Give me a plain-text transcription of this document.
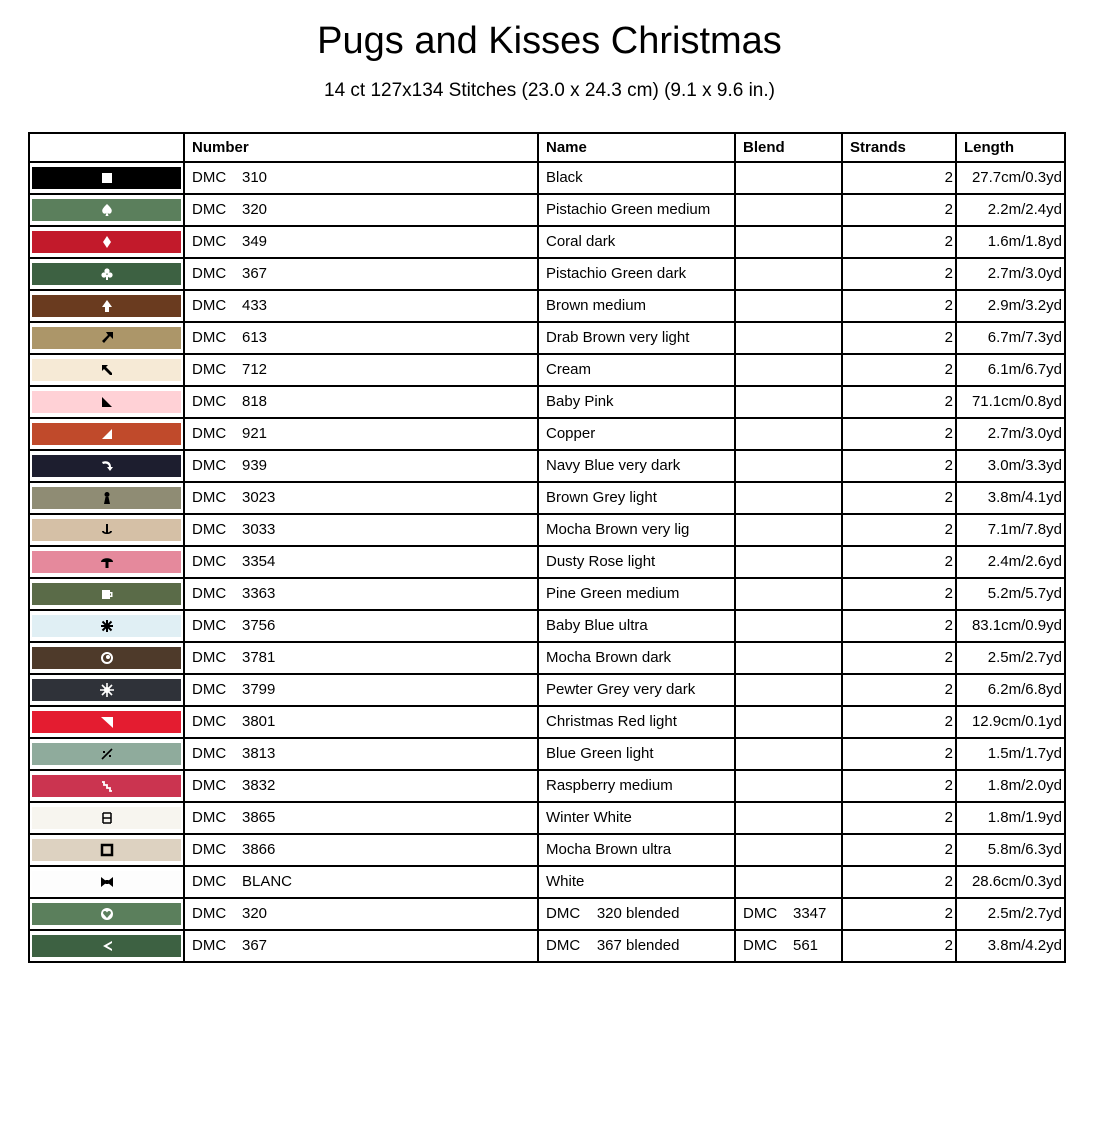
Pugs and Kisses Christmas
14 ct 127x134 Stitches (23.0 x 24.3 cm) (9.1 x 9.6 in.)
	Number	Name	Blend	Strands	Length

	DMC 310	Black		2	27.7cm/0.3yd

	DMC 320	Pistachio Green medium		2	2.2m/2.4yd

	DMC 349	Coral dark		2	1.6m/1.8yd

	DMC 367	Pistachio Green dark		2	2.7m/3.0yd

	DMC 433	Brown medium		2	2.9m/3.2yd

	DMC 613	Drab Brown very light		2	6.7m/7.3yd

	DMC 712	Cream		2	6.1m/6.7yd

	DMC 818	Baby Pink		2	71.1cm/0.8yd

	DMC 921	Copper		2	2.7m/3.0yd

	DMC 939	Navy Blue very dark		2	3.0m/3.3yd

	DMC 3023	Brown Grey light		2	3.8m/4.1yd

	DMC 3033	Mocha Brown very lig		2	7.1m/7.8yd

	DMC 3354	Dusty Rose light		2	2.4m/2.6yd

	DMC 3363	Pine Green medium		2	5.2m/5.7yd

	DMC 3756	Baby Blue ultra		2	83.1cm/0.9yd

	DMC 3781	Mocha Brown dark		2	2.5m/2.7yd

	DMC 3799	Pewter Grey very dark		2	6.2m/6.8yd

	DMC 3801	Christmas Red light		2	12.9cm/0.1yd

	DMC 3813	Blue Green light		2	1.5m/1.7yd

	DMC 3832	Raspberry medium		2	1.8m/2.0yd

	DMC 3865	Winter White		2	1.8m/1.9yd

	DMC 3866	Mocha Brown ultra		2	5.8m/6.3yd

	DMC BLANC	White		2	28.6cm/0.3yd

	DMC 320	DMC    320 blended	DMC 3347	2	2.5m/2.7yd

	DMC 367	DMC    367 blended	DMC 561	2	3.8m/4.2yd
